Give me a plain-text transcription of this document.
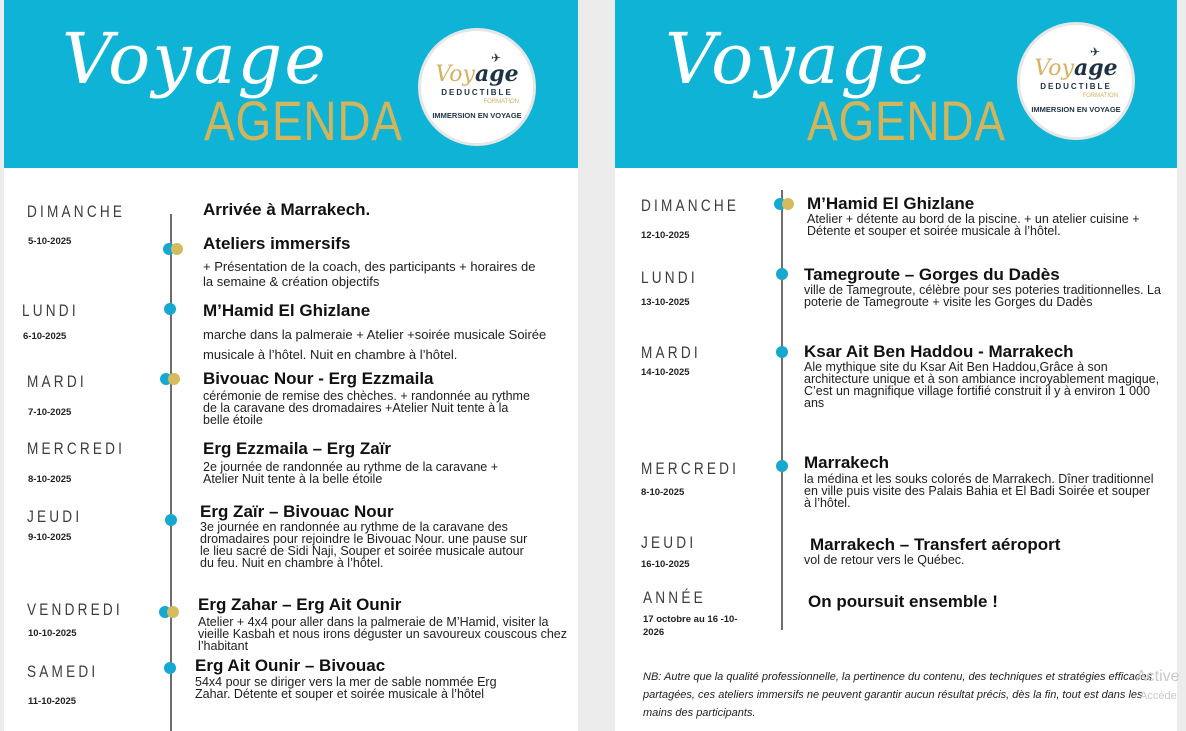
Voyage
AGENDA
✈
Voyage
DEDUCTIBLE
FORMATION
IMMERSION EN VOYAGE
DIMANCHE
5-10-2025
Arrivée à Marrakech.
Ateliers immersifs
+ Présentation de la coach, des participants + horaires de la semaine & création objectifs
LUNDI
6-10-2025
M’Hamid El Ghizlane
marche dans la palmeraie + Atelier +soirée musicale Soirée musicale à l’hôtel. Nuit en chambre à l’hôtel.
MARDI
7-10-2025
Bivouac Nour - Erg Ezzmaila
cérémonie de remise des chèches. + randonnée au rythme de la caravane des dromadaires +Atelier Nuit tente à la belle étoile
MERCREDI
8-10-2025
Erg Ezzmaila – Erg Zaïr
2e journée de randonnée au rythme de la caravane + Atelier Nuit tente à la belle étoile
JEUDI
9-10-2025
Erg Zaïr – Bivouac Nour
3e journée en randonnée au rythme de la caravane des dromadaires pour rejoindre le Bivouac Nour. une pause sur le lieu sacré de Sidi Naji, Souper et soirée musicale autour du feu. Nuit en chambre à l’hôtel.
VENDREDI
10-10-2025
Erg Zahar – Erg Ait Ounir
Atelier + 4x4 pour aller dans la palmeraie de M’Hamid, visiter la vieille Kasbah et nous irons déguster un savoureux couscous chez l’habitant
SAMEDI
11-10-2025
Erg Ait Ounir – Bivouac
54x4 pour se diriger vers la mer de sable nommée Erg Zahar. Détente et souper et soirée musicale à l’hôtel
Voyage
AGENDA
✈
Voyage
DEDUCTIBLE
FORMATION
IMMERSION EN VOYAGE
DIMANCHE
12-10-2025
M’Hamid El Ghizlane
Atelier + détente au bord de la piscine. + un atelier cuisine + Détente et souper et soirée musicale à l’hôtel.
LUNDI
13-10-2025
Tamegroute – Gorges du Dadès
ville de Tamegroute, célèbre pour ses poteries traditionnelles. La poterie de Tamegroute + visite les Gorges du Dadès
MARDI
14-10-2025
Ksar Ait Ben Haddou - Marrakech
Ale mythique site du Ksar Ait Ben Haddou,Grâce à son architecture unique et à son ambiance incroyablement magique, C’est un magnifique village fortifié construit il y à environ 1 000 ans
MERCREDI
8-10-2025
Marrakech
la médina et les souks colorés de Marrakech. Dîner traditionnel en ville puis visite des Palais Bahia et El Badi Soirée et souper à l’hôtel.
JEUDI
16-10-2025
Marrakech – Transfert aéroport
vol de retour vers le Québec.
ANNÉE
17 octobre au 16 -10-2026
On poursuit ensemble !
NB: Autre que la qualité professionnelle, la pertinence du contenu, des techniques et stratégies efficaces partagées, ces ateliers immersifs ne peuvent garantir aucun résultat précis, dès la fin, tout est dans les mains des participants.
Active
Accéde
